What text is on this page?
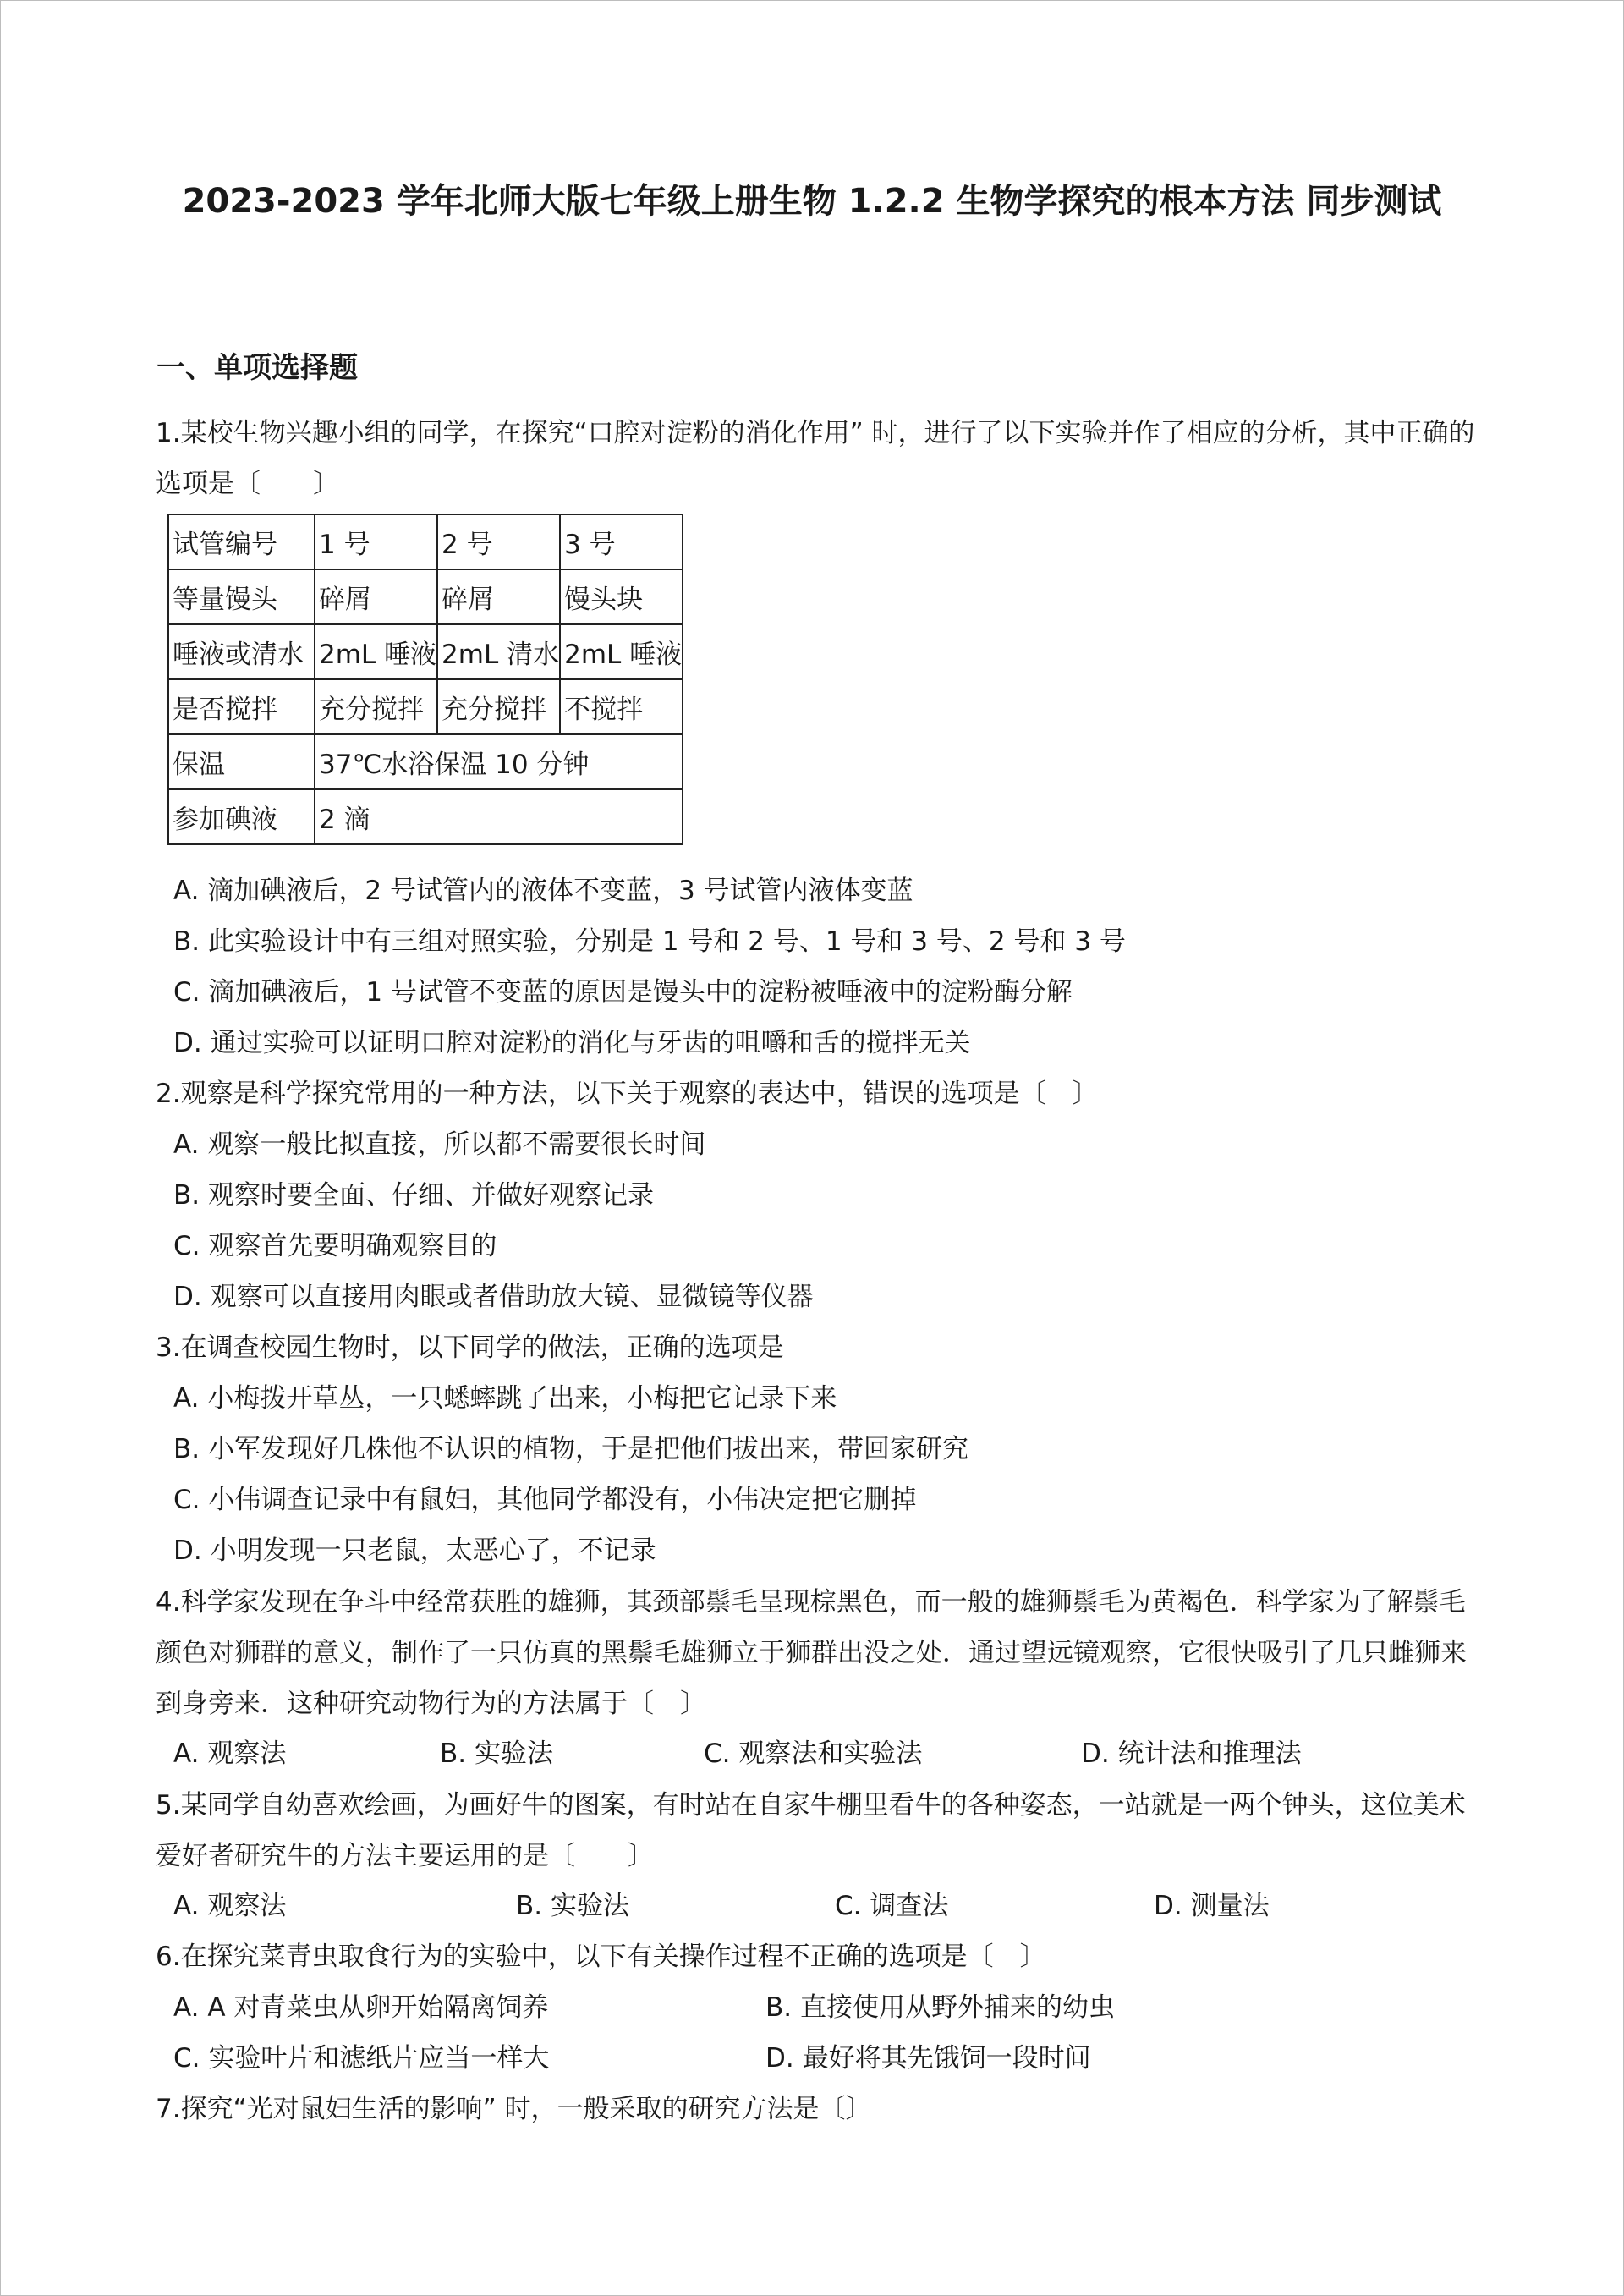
2023-2023 学年北师大版七年级上册生物 1.2.2 生物学探究的根本方法 同步测试
一、单项选择题
1.某校生物兴趣小组的同学，在探究“口腔对淀粉的消化作用” 时，进行了以下实验并作了相应的分析，其中正确的选项是〔　　〕
试管编号	1 号	2 号	3 号
等量馒头	碎屑	碎屑	馒头块
唾液或清水	2mL 唾液	2mL 清水	2mL 唾液
是否搅拌	充分搅拌	充分搅拌	不搅拌
保温	37℃水浴保温 10 分钟		
参加碘液	2 滴		
A. 滴加碘液后，2 号试管内的液体不变蓝，3 号试管内液体变蓝
B. 此实验设计中有三组对照实验，分别是 1 号和 2 号、1 号和 3 号、2 号和 3 号
C. 滴加碘液后，1 号试管不变蓝的原因是馒头中的淀粉被唾液中的淀粉酶分解
D. 通过实验可以证明口腔对淀粉的消化与牙齿的咀嚼和舌的搅拌无关
2.观察是科学探究常用的一种方法，以下关于观察的表达中，错误的选项是〔　〕
A. 观察一般比拟直接，所以都不需要很长时间
B. 观察时要全面、仔细、并做好观察记录
C. 观察首先要明确观察目的
D. 观察可以直接用肉眼或者借助放大镜、显微镜等仪器
3.在调查校园生物时，以下同学的做法，正确的选项是
A. 小梅拨开草丛，一只蟋蟀跳了出来，小梅把它记录下来
B. 小军发现好几株他不认识的植物，于是把他们拔出来，带回家研究
C. 小伟调查记录中有鼠妇，其他同学都没有，小伟决定把它删掉
D. 小明发现一只老鼠，太恶心了，不记录
4.科学家发现在争斗中经常获胜的雄狮，其颈部鬃毛呈现棕黑色，而一般的雄狮鬃毛为黄褐色．科学家为了解鬃毛颜色对狮群的意义，制作了一只仿真的黑鬃毛雄狮立于狮群出没之处．通过望远镜观察，它很快吸引了几只雌狮来到身旁来．这种研究动物行为的方法属于〔　〕
A. 观察法	B. 实验法	C. 观察法和实验法	D. 统计法和推理法
5.某同学自幼喜欢绘画，为画好牛的图案，有时站在自家牛棚里看牛的各种姿态，一站就是一两个钟头，这位美术爱好者研究牛的方法主要运用的是〔　　〕
A. 观察法	B. 实验法	C. 调查法	D. 测量法
6.在探究菜青虫取食行为的实验中，以下有关操作过程不正确的选项是〔　〕
A. A 对青菜虫从卵开始隔离饲养	B. 直接使用从野外捕来的幼虫
C. 实验叶片和滤纸片应当一样大	D. 最好将其先饿饲一段时间
7.探究“光对鼠妇生活的影响” 时，一般采取的研究方法是〔〕
